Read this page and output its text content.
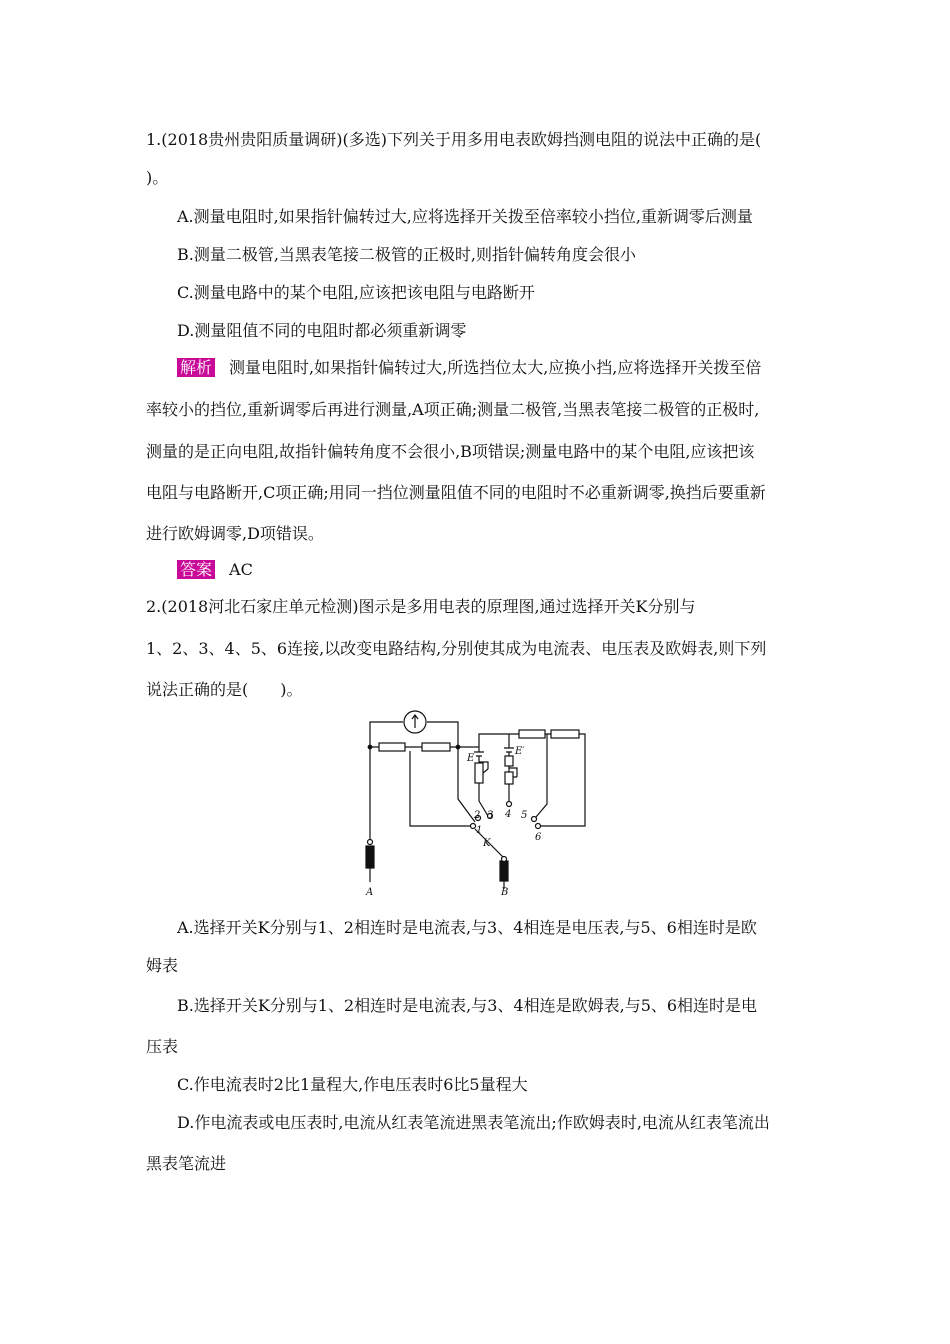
1.(2018贵州贵阳质量调研)(多选)下列关于用多用电表欧姆挡测电阻的说法中正确的是(
)。
A.测量电阻时,如果指针偏转过大,应将选择开关拨至倍率较小挡位,重新调零后测量
B.测量二极管,当黑表笔接二极管的正极时,则指针偏转角度会很小
C.测量电路中的某个电阻,应该把该电阻与电路断开
D.测量阻值不同的电阻时都必须重新调零
解析 测量电阻时,如果指针偏转过大,所选挡位太大,应换小挡,应将选择开关拨至倍
率较小的挡位,重新调零后再进行测量,A项正确;测量二极管,当黑表笔接二极管的正极时,
测量的是正向电阻,故指针偏转角度不会很小,B项错误;测量电路中的某个电阻,应该把该
电阻与电路断开,C项正确;用同一挡位测量阻值不同的电阻时不必重新调零,换挡后要重新
进行欧姆调零,D项错误。
答案 AC
2.(2018河北石家庄单元检测)图示是多用电表的原理图,通过选择开关K分别与
1、2、3、4、5、6连接,以改变电路结构,分别使其成为电流表、电压表及欧姆表,则下列
说法正确的是(　　)。
E
E′
2 3 4 5
1
K
6
A	B
A.选择开关K分别与1、2相连时是电流表,与3、4相连是电压表,与5、6相连时是欧
姆表
B.选择开关K分别与1、2相连时是电流表,与3、4相连是欧姆表,与5、6相连时是电
压表
C.作电流表时2比1量程大,作电压表时6比5量程大
D.作电流表或电压表时,电流从红表笔流进黑表笔流出;作欧姆表时,电流从红表笔流出
黑表笔流进
